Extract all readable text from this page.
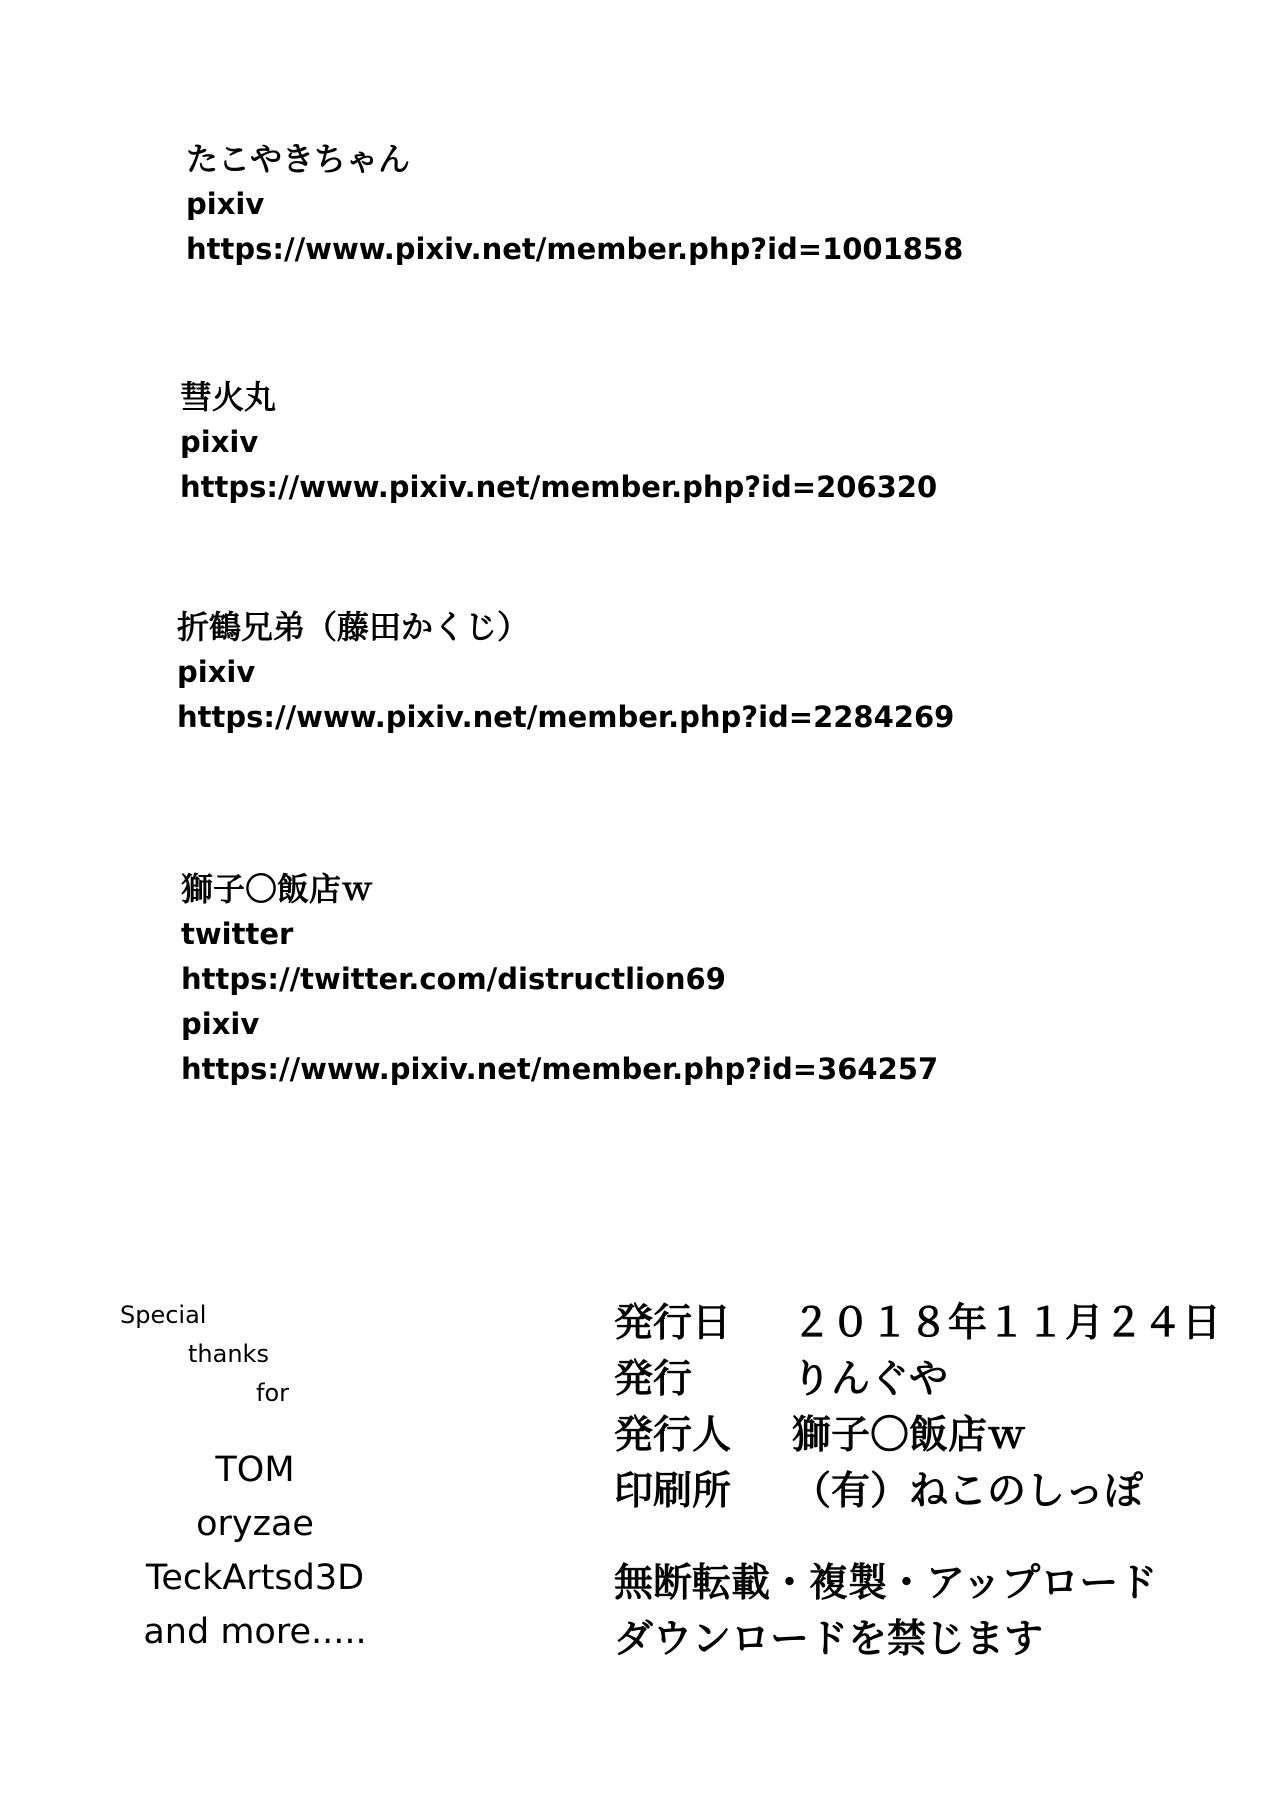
たこやきちゃん
pixiv
https://www.pixiv.net/member.php?id=1001858
彗火丸
pixiv
https://www.pixiv.net/member.php?id=206320
折鶴兄弟（藤田かくじ）
pixiv
https://www.pixiv.net/member.php?id=2284269
獅子〇飯店ｗ
twitter
https://twitter.com/distructlion69
pixiv
https://www.pixiv.net/member.php?id=364257
Special
thanks
for
TOM
oryzae
TeckArtsd3D
and more.....
発行日	２０１８年１１月２４日
発行	りんぐや
発行人	獅子〇飯店ｗ
印刷所	（有）ねこのしっぽ
無断転載・複製・アップロード
ダウンロードを禁じます
